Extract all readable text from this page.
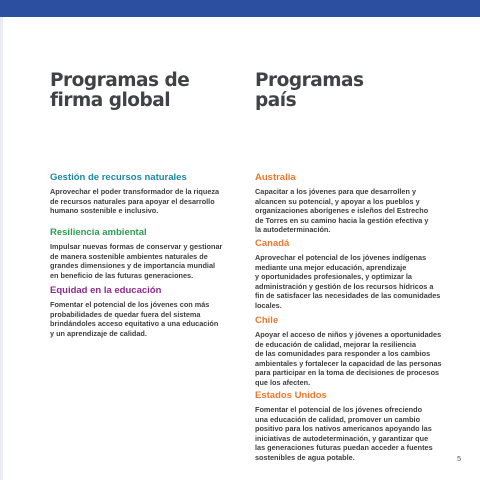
Programas de
firma global
Programas
país
Gestión de recursos naturales

Aprovechar el poder transformador de la riqueza
de recursos naturales para apoyar el desarrollo
humano sostenible e inclusivo.

Resiliencia ambiental

Impulsar nuevas formas de conservar y gestionar
de manera sostenible ambientes naturales de
grandes dimensiones y de importancia mundial
en beneficio de las futuras generaciones.

Equidad en la educación

Fomentar el potencial de los jóvenes con más
probabilidades de quedar fuera del sistema
brindándoles acceso equitativo a una educación
y un aprendizaje de calidad.

Australia

Capacitar a los jóvenes para que desarrollen y
alcancen su potencial, y apoyar a los pueblos y
organizaciones aborígenes e isleños del Estrecho
de Torres en su camino hacia la gestión efectiva y
la autodeterminación.

Canadá

Aprovechar el potencial de los jóvenes indígenas
mediante una mejor educación, aprendizaje
y oportunidades profesionales, y optimizar la
administración y gestión de los recursos hídricos a
fin de satisfacer las necesidades de las comunidades
locales.

Chile

Apoyar el acceso de niños y jóvenes a oportunidades
de educación de calidad, mejorar la resiliencia
de las comunidades para responder a los cambios
ambientales y fortalecer la capacidad de las personas
para participar en la toma de decisiones de procesos
que los afecten.

Estados Unidos

Fomentar el potencial de los jóvenes ofreciendo
una educación de calidad, promover un cambio
positivo para los nativos americanos apoyando las
iniciativas de autodeterminación, y garantizar que
las generaciones futuras puedan acceder a fuentes
sostenibles de agua potable.	5
